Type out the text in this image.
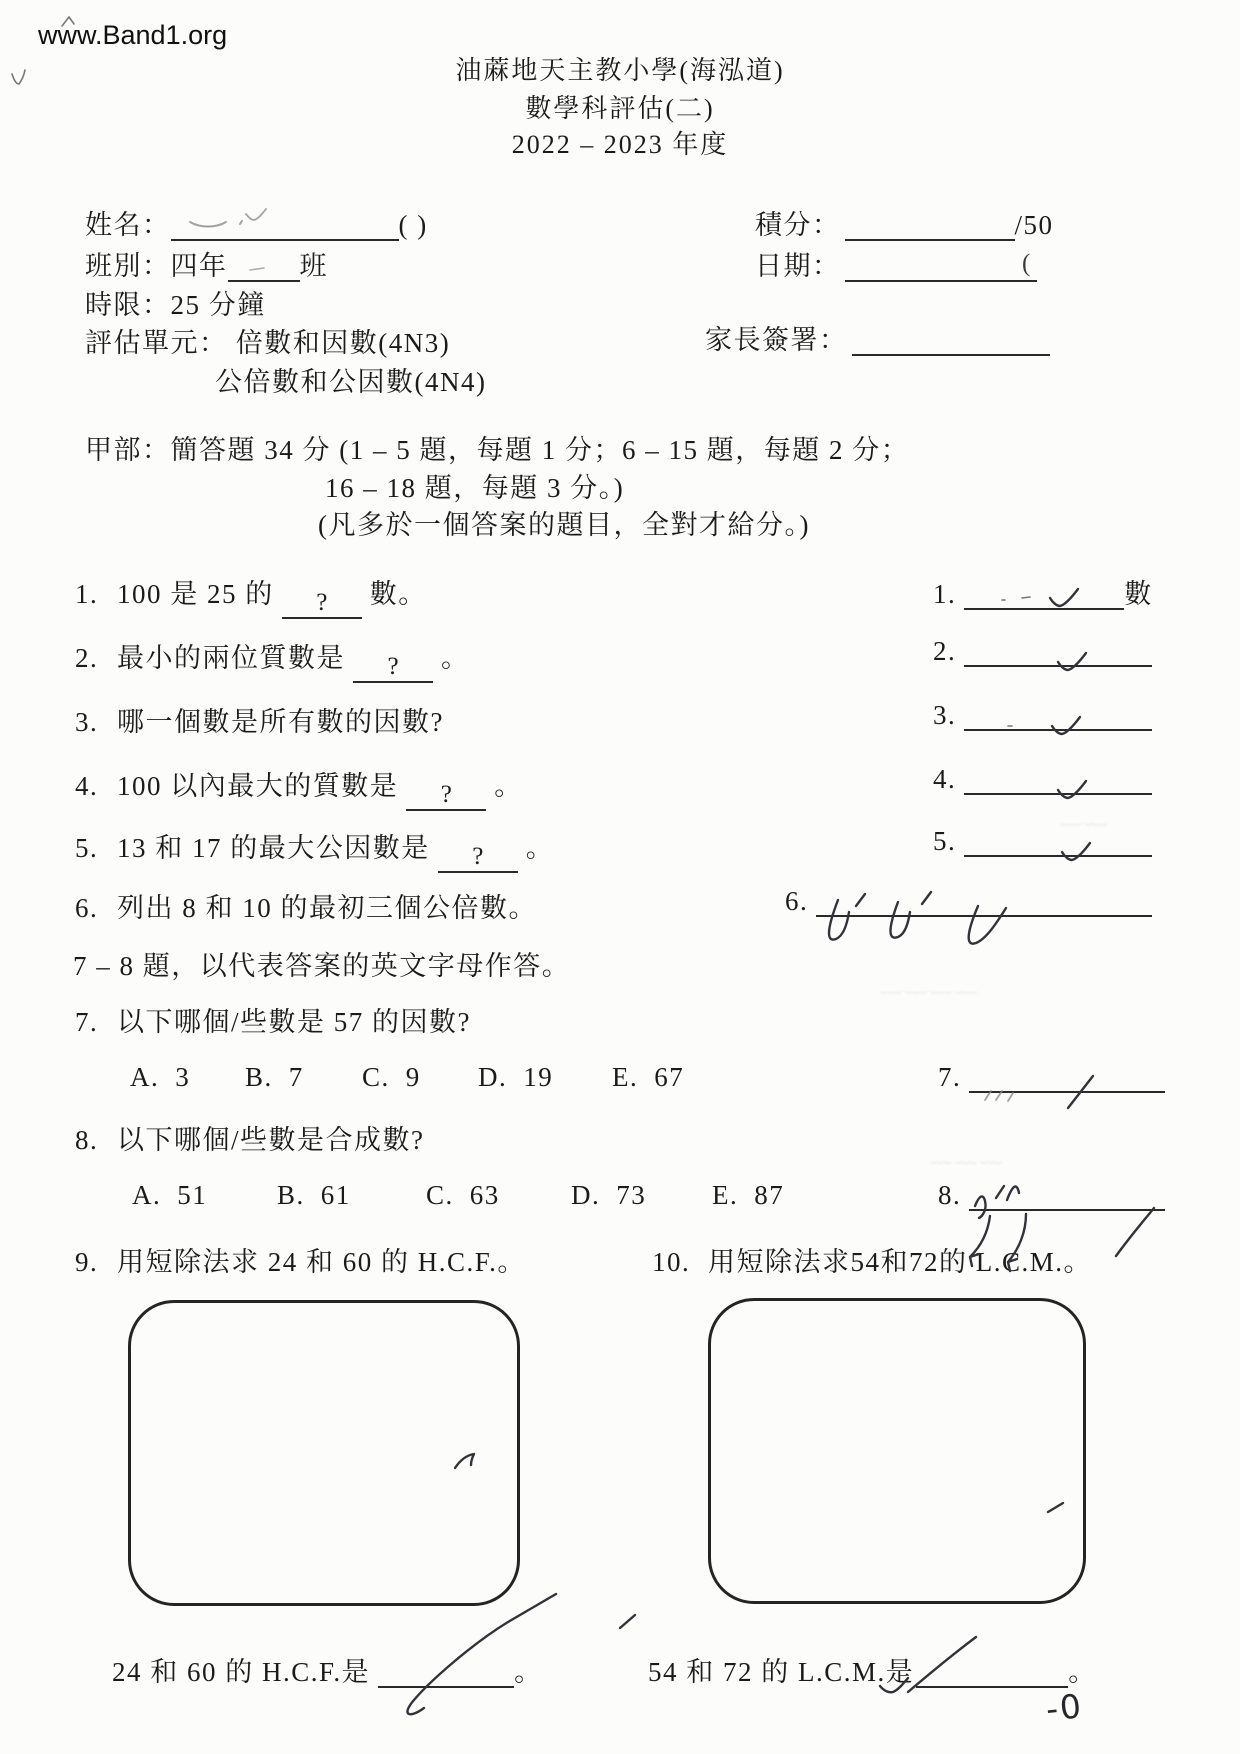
www.Band1.org
油蔴地天主教小學(海泓道)
數學科評估(二)
2022 – 2023 年度
姓名：	( )
班別：四年	班
時限：25 分鐘
評估單元： 倍數和因數(4N3)
公倍數和公因數(4N4)
積分：	/50
日期：	(
家長簽署：
甲部：簡答題 34 分 (1 – 5 題，每題 1 分；6 – 15 題，每題 2 分；
16 – 18 題，每題 3 分。)
(凡多於一個答案的題目，全對才給分。)
1. 100 是 25 的 ? 數。
2. 最小的兩位質數是 ? 。
3. 哪一個數是所有數的因數?
4. 100 以內最大的質數是 ? 。
5. 13 和 17 的最大公因數是 ? 。
6. 列出 8 和 10 的最初三個公倍數。
7 – 8 題，以代表答案的英文字母作答。
7. 以下哪個/些數是 57 的因數?
A. 3 B. 7 C. 9 D. 19 E. 67
8. 以下哪個/些數是合成數?
A. 51	B. 61	C. 63	D. 73 E. 87
1.	數
2.
3.
4.
5.
6.
7.
8.
9. 用短除法求 24 和 60 的 H.C.F.。	10. 用短除法求54和72的 L.C.M.。
24 和 60 的 H.C.F.是	。	54 和 72 的 L.C.M.是	。
-0
﹏﹏
﹏﹏﹏﹏
﹏﹏﹏
